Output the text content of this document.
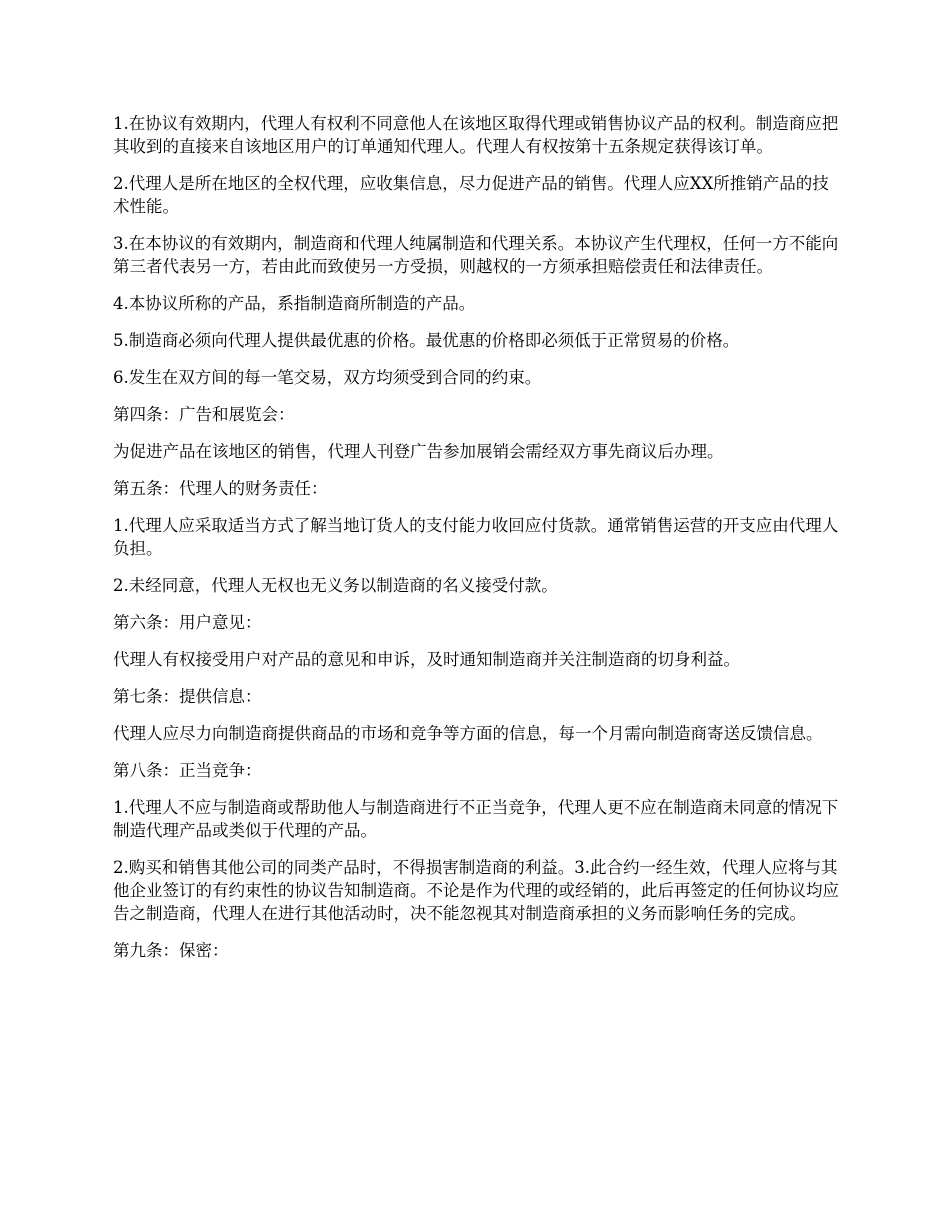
1.在协议有效期内，代理人有权利不同意他人在该地区取得代理或销售协议产品的权利。制造商应把其收到的直接来自该地区用户的订单通知代理人。代理人有权按第十五条规定获得该订单。

2.代理人是所在地区的全权代理，应收集信息，尽力促进产品的销售。代理人应XX所推销产品的技术性能。

3.在本协议的有效期内，制造商和代理人纯属制造和代理关系。本协议产生代理权，任何一方不能向第三者代表另一方，若由此而致使另一方受损，则越权的一方须承担赔偿责任和法律责任。

4.本协议所称的产品，系指制造商所制造的产品。

5.制造商必须向代理人提供最优惠的价格。最优惠的价格即必须低于正常贸易的价格。

6.发生在双方间的每一笔交易，双方均须受到合同的约束。

第四条：广告和展览会：

为促进产品在该地区的销售，代理人刊登广告参加展销会需经双方事先商议后办理。

第五条：代理人的财务责任：

1.代理人应采取适当方式了解当地订货人的支付能力收回应付货款。通常销售运营的开支应由代理人负担。

2.未经同意，代理人无权也无义务以制造商的名义接受付款。

第六条：用户意见：

代理人有权接受用户对产品的意见和申诉，及时通知制造商并关注制造商的切身利益。

第七条：提供信息：

代理人应尽力向制造商提供商品的市场和竞争等方面的信息，每一个月需向制造商寄送反馈信息。

第八条：正当竞争：

1.代理人不应与制造商或帮助他人与制造商进行不正当竞争，代理人更不应在制造商未同意的情况下制造代理产品或类似于代理的产品。

2.购买和销售其他公司的同类产品时，不得损害制造商的利益。3.此合约一经生效，代理人应将与其他企业签订的有约束性的协议告知制造商。不论是作为代理的或经销的，此后再签定的任何协议均应告之制造商，代理人在进行其他活动时，决不能忽视其对制造商承担的义务而影响任务的完成。

第九条：保密：
